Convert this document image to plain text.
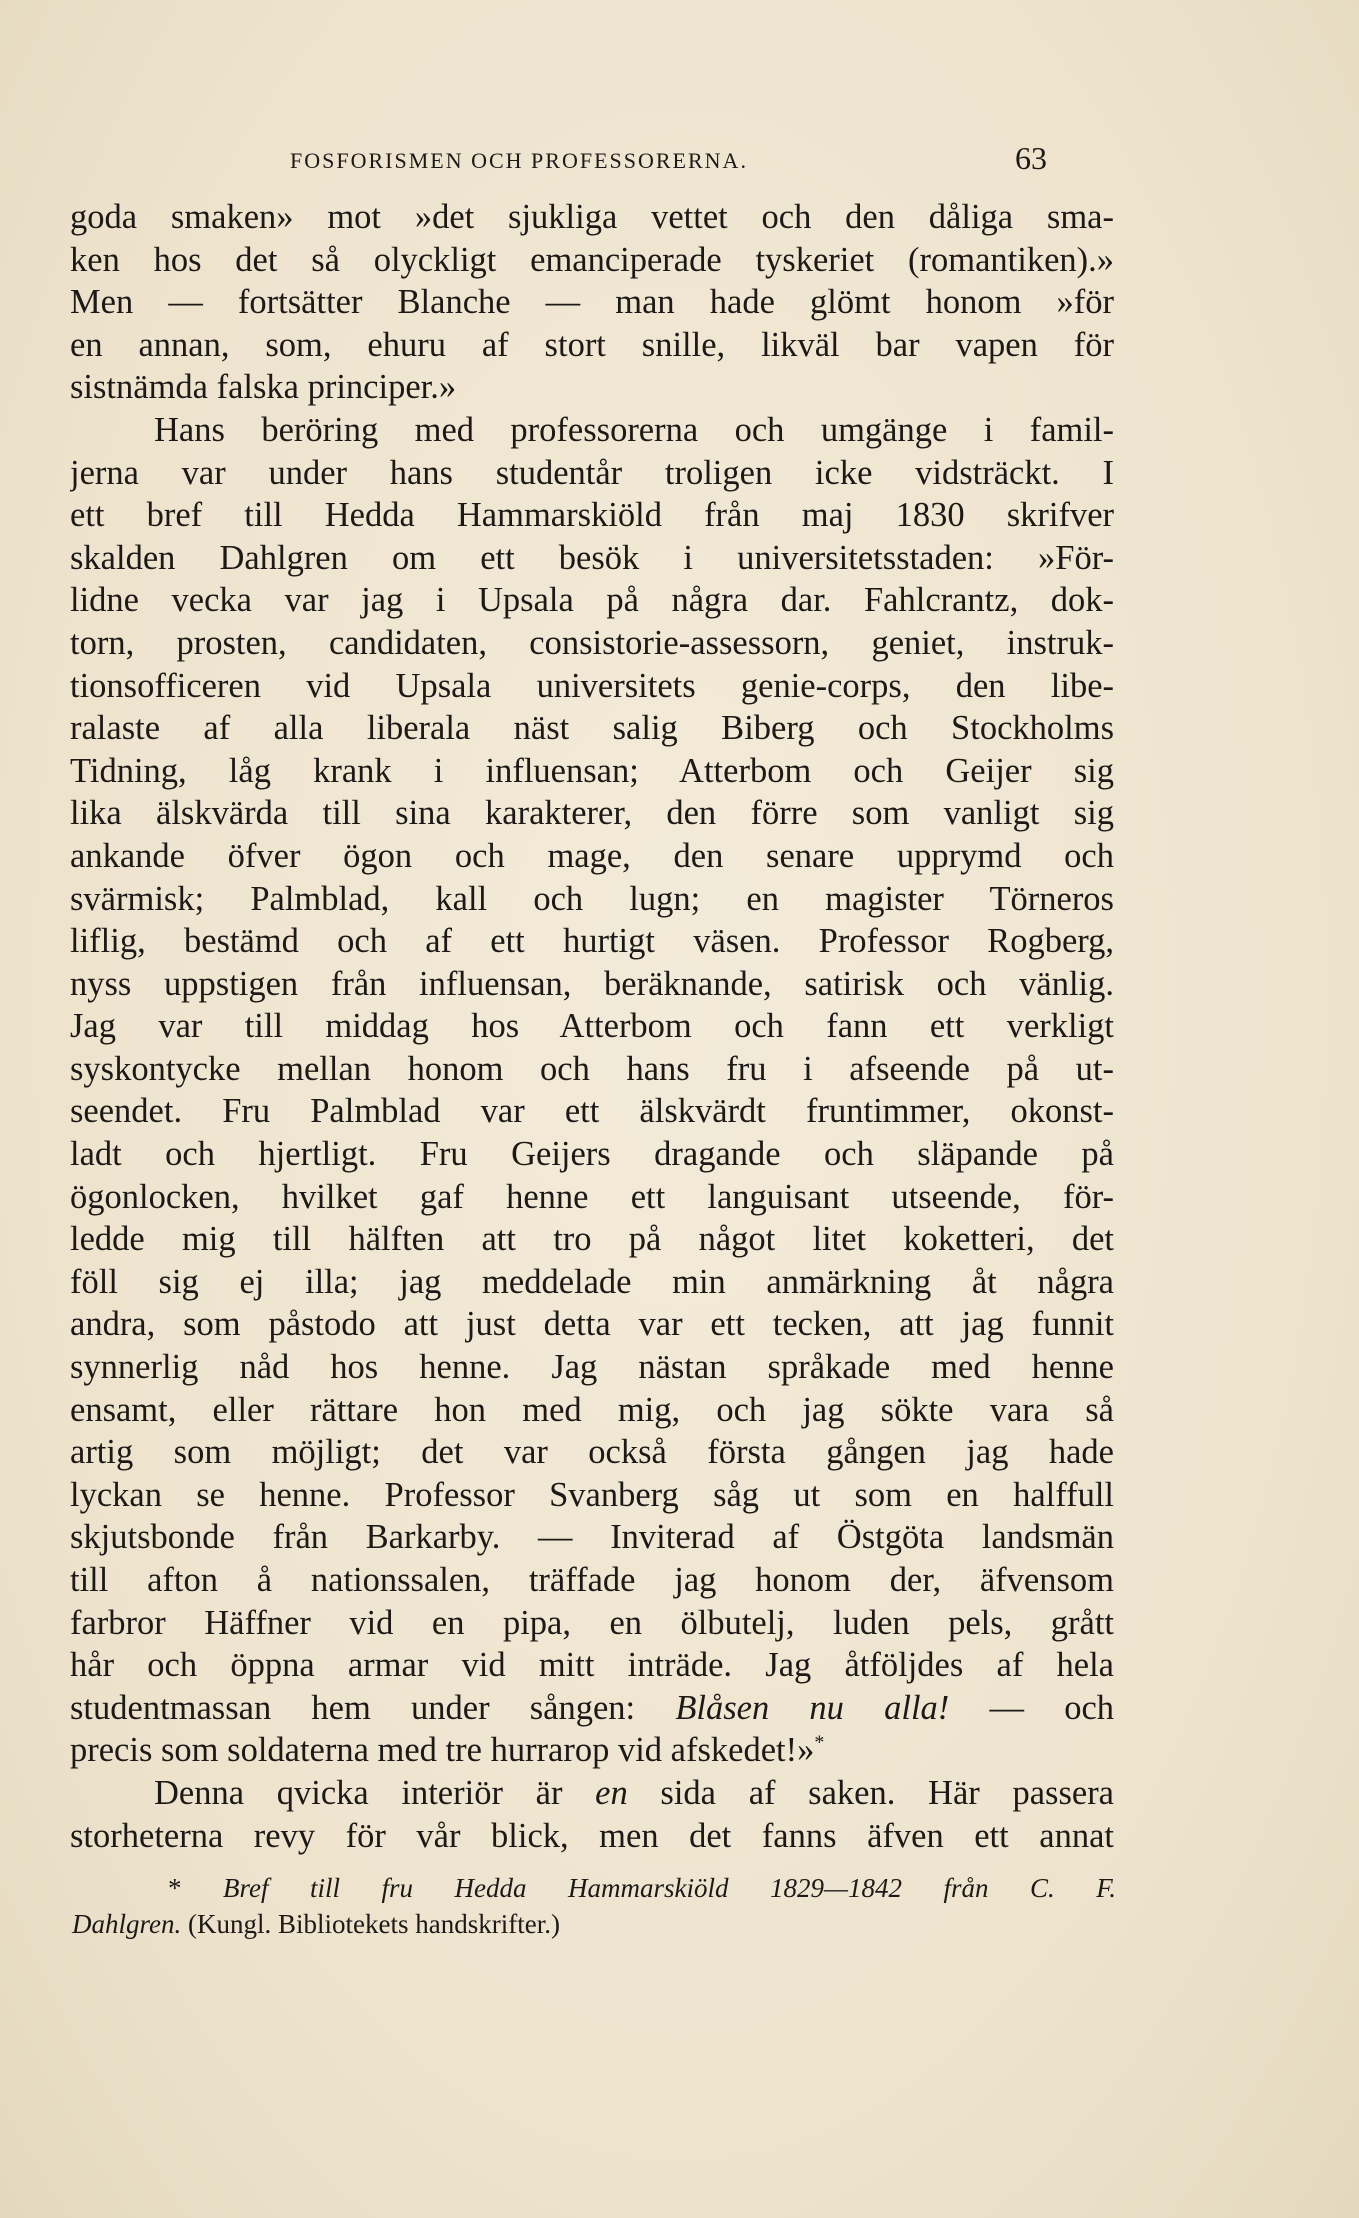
FOSFORISMEN OCH PROFESSORERNA.	63
goda smaken» mot »det sjukliga vettet och den dåliga sma-
ken hos det så olyckligt emanciperade tyskeriet (romantiken).»
Men — fortsätter Blanche — man hade glömt honom »för
en annan, som, ehuru af stort snille, likväl bar vapen för
sistnämda falska principer.»
Hans beröring med professorerna och umgänge i famil-
jerna var under hans studentår troligen icke vidsträckt. I
ett bref till Hedda Hammarskiöld från maj 1830 skrifver
skalden Dahlgren om ett besök i universitetsstaden: »För-
lidne vecka var jag i Upsala på några dar. Fahlcrantz, dok-
torn, prosten, candidaten, consistorie-assessorn, geniet, instruk-
tionsofficeren vid Upsala universitets genie-corps, den libe-
ralaste af alla liberala näst salig Biberg och Stockholms
Tidning, låg krank i influensan; Atterbom och Geijer sig
lika älskvärda till sina karakterer, den förre som vanligt sig
ankande öfver ögon och mage, den senare upprymd och
svärmisk; Palmblad, kall och lugn; en magister Törneros
liflig, bestämd och af ett hurtigt väsen. Professor Rogberg,
nyss uppstigen från influensan, beräknande, satirisk och vänlig.
Jag var till middag hos Atterbom och fann ett verkligt
syskontycke mellan honom och hans fru i afseende på ut-
seendet. Fru Palmblad var ett älskvärdt fruntimmer, okonst-
ladt och hjertligt. Fru Geijers dragande och släpande på
ögonlocken, hvilket gaf henne ett languisant utseende, för-
ledde mig till hälften att tro på något litet koketteri, det
föll sig ej illa; jag meddelade min anmärkning åt några
andra, som påstodo att just detta var ett tecken, att jag funnit
synnerlig nåd hos henne. Jag nästan språkade med henne
ensamt, eller rättare hon med mig, och jag sökte vara så
artig som möjligt; det var också första gången jag hade
lyckan se henne. Professor Svanberg såg ut som en halffull
skjutsbonde från Barkarby. — Inviterad af Östgöta landsmän
till afton å nationssalen, träffade jag honom der, äfvensom
farbror Häffner vid en pipa, en ölbutelj, luden pels, grått
hår och öppna armar vid mitt inträde. Jag åtföljdes af hela
studentmassan hem under sången: Blåsen nu alla! — och
precis som soldaterna med tre hurrarop vid afskedet!»*
Denna qvicka interiör är en sida af saken. Här passera
storheterna revy för vår blick, men det fanns äfven ett annat
* Bref till fru Hedda Hammarskiöld 1829—1842 från C. F.
Dahlgren. (Kungl. Bibliotekets handskrifter.)
